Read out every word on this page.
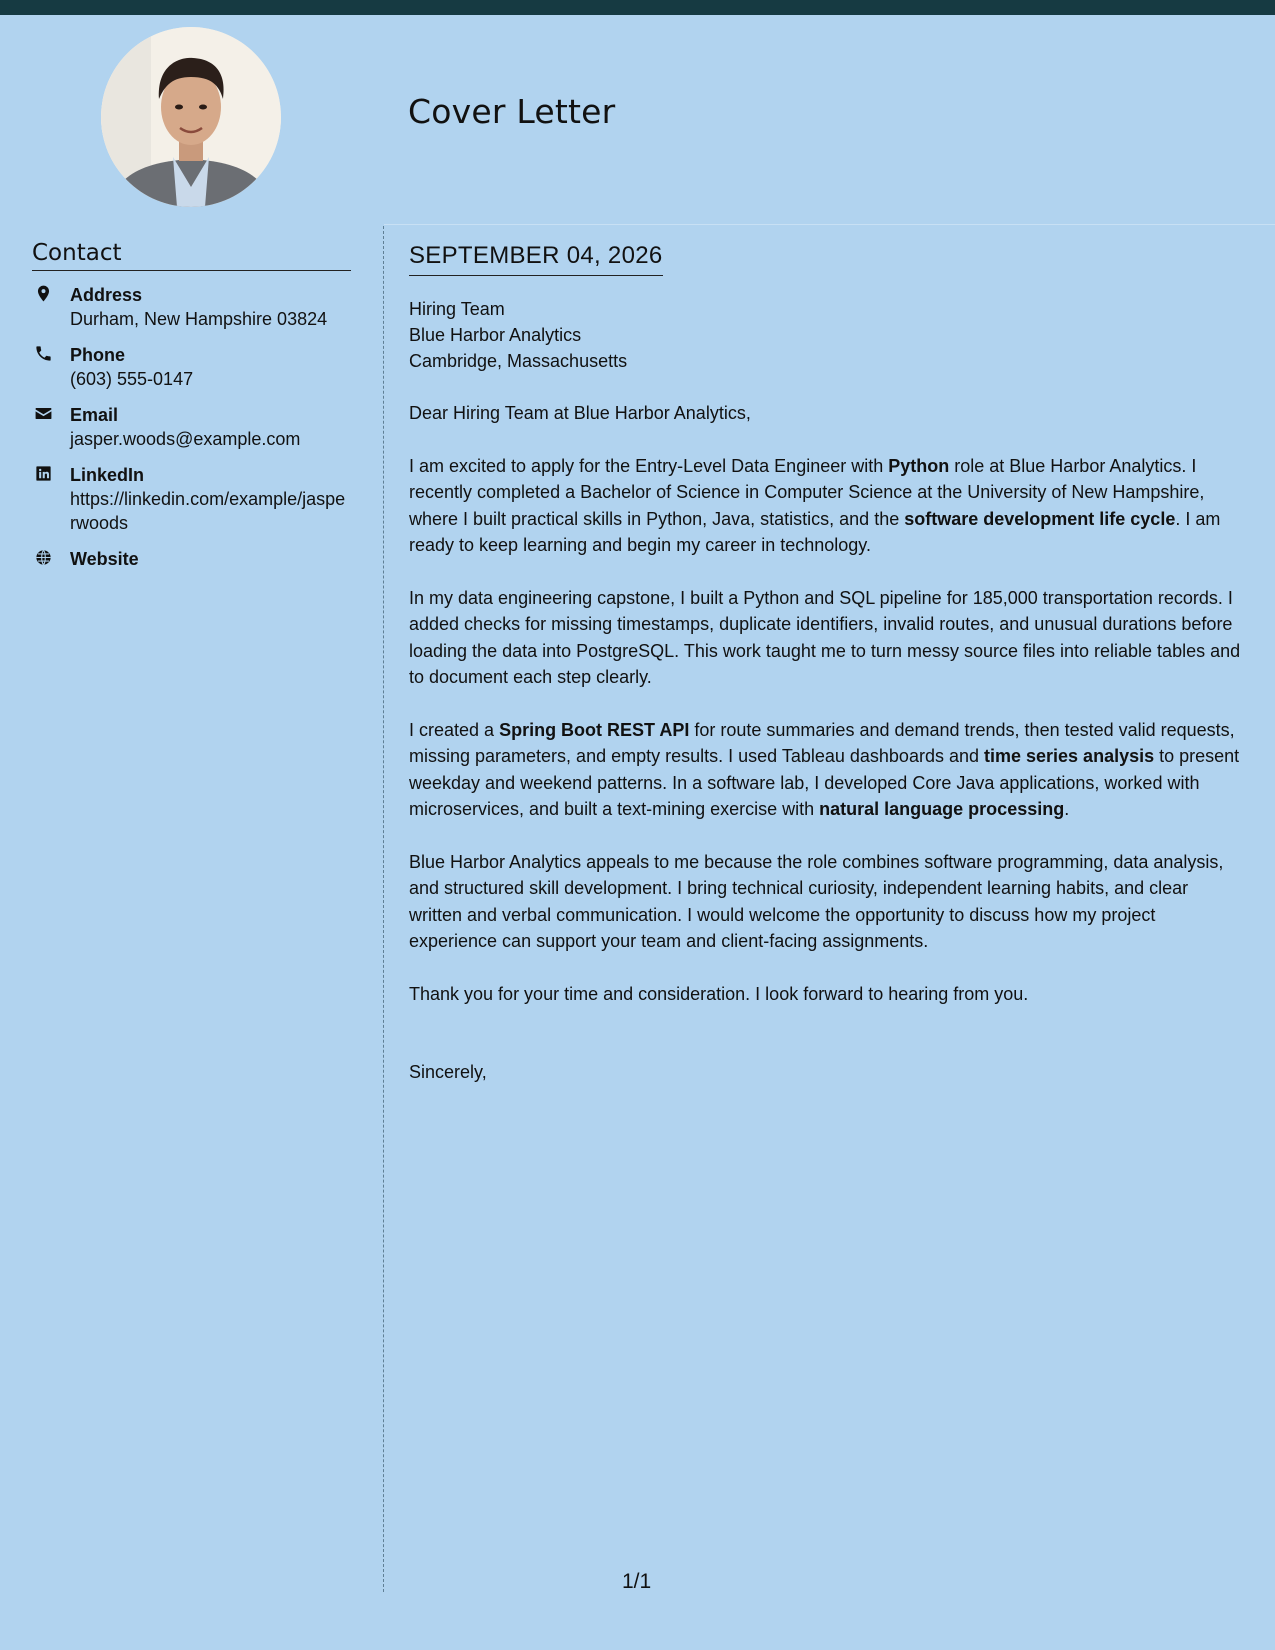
Cover Letter
Contact
Address
Durham, New Hampshire 03824
Phone
(603) 555-0147
Email
jasper.woods@example.com
LinkedIn
https://linkedin.com/example/jasperwoods
Website
SEPTEMBER 04, 2026
Hiring Team
Blue Harbor Analytics
Cambridge, Massachusetts

Dear Hiring Team at Blue Harbor Analytics,

I am excited to apply for the Entry-Level Data Engineer with Python role at Blue Harbor Analytics. I recently completed a Bachelor of Science in Computer Science at the University of New Hampshire, where I built practical skills in Python, Java, statistics, and the software development life cycle. I am ready to keep learning and begin my career in technology.

In my data engineering capstone, I built a Python and SQL pipeline for 185,000 transportation records. I added checks for missing timestamps, duplicate identifiers, invalid routes, and unusual durations before loading the data into PostgreSQL. This work taught me to turn messy source files into reliable tables and to document each step clearly.

I created a Spring Boot REST API for route summaries and demand trends, then tested valid requests, missing parameters, and empty results. I used Tableau dashboards and time series analysis to present weekday and weekend patterns. In a software lab, I developed Core Java applications, worked with microservices, and built a text-mining exercise with natural language processing.

Blue Harbor Analytics appeals to me because the role combines software programming, data analysis, and structured skill development. I bring technical curiosity, independent learning habits, and clear written and verbal communication. I would welcome the opportunity to discuss how my project experience can support your team and client-facing assignments.

Thank you for your time and consideration. I look forward to hearing from you.

Sincerely,
1/1
